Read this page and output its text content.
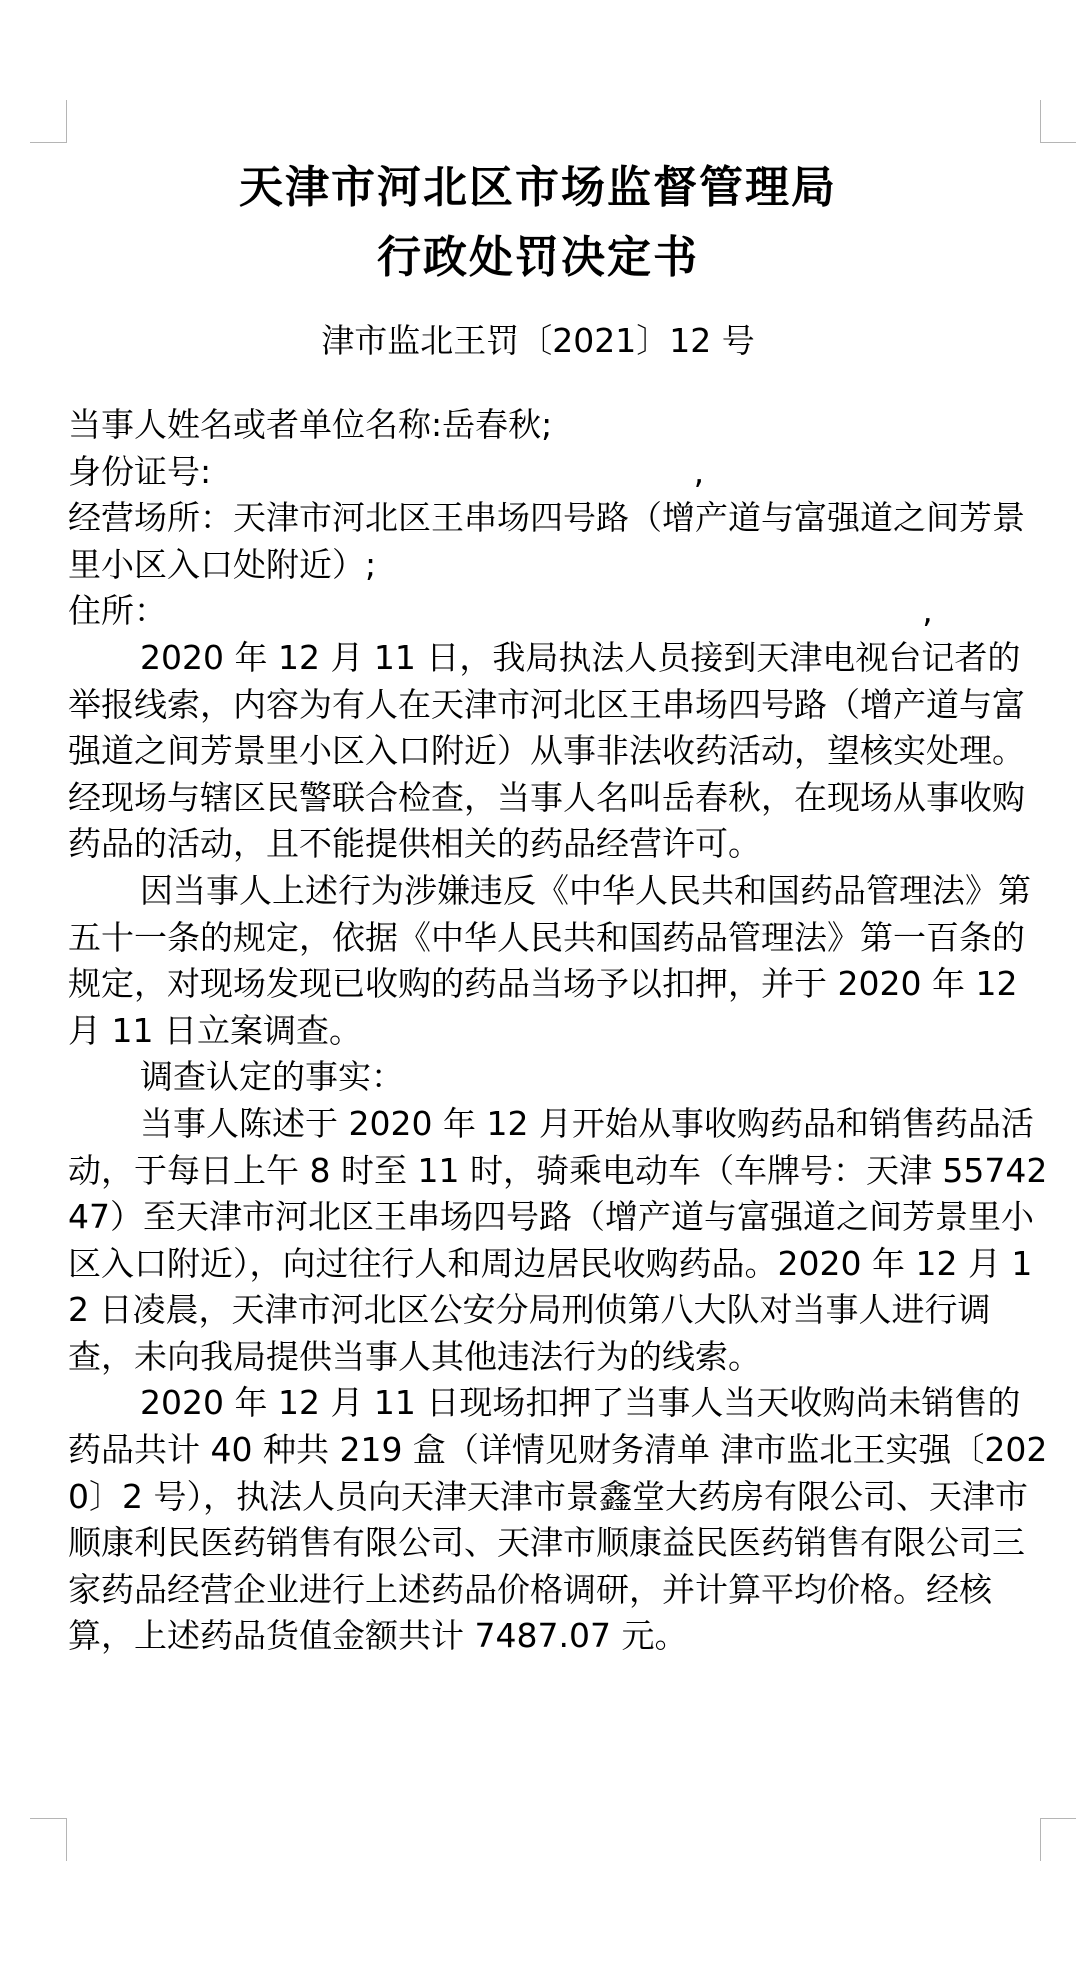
天津市河北区市场监督管理局
行政处罚决定书
津市监北王罚〔2021〕12 号

当事人姓名或者单位名称:岳春秋;

身份证号:                                              ,

经营场所：天津市河北区王串场四号路（增产道与富强道之间芳景里小区入口处附近）;

住所：                                                                        ,

2020 年 12 月 11 日，我局执法人员接到天津电视台记者的举报线索，内容为有人在天津市河北区王串场四号路（增产道与富强道之间芳景里小区入口附近）从事非法收药活动，望核实处理。经现场与辖区民警联合检查，当事人名叫岳春秋，在现场从事收购药品的活动，且不能提供相关的药品经营许可。

因当事人上述行为涉嫌违反《中华人民共和国药品管理法》第五十一条的规定，依据《中华人民共和国药品管理法》第一百条的规定，对现场发现已收购的药品当场予以扣押，并于 2020 年 12 月 11 日立案调查。

调查认定的事实：

当事人陈述于 2020 年 12 月开始从事收购药品和销售药品活动，于每日上午 8 时至 11 时，骑乘电动车（车牌号：天津 5574247）至天津市河北区王串场四号路（增产道与富强道之间芳景里小区入口附近），向过往行人和周边居民收购药品。2020 年 12 月 12 日凌晨，天津市河北区公安分局刑侦第八大队对当事人进行调查，未向我局提供当事人其他违法行为的线索。

2020 年 12 月 11 日现场扣押了当事人当天收购尚未销售的药品共计 40 种共 219 盒（详情见财务清单 津市监北王实强〔2020〕2 号），执法人员向天津天津市景鑫堂大药房有限公司、天津市顺康利民医药销售有限公司、天津市顺康益民医药销售有限公司三家药品经营企业进行上述药品价格调研，并计算平均价格。经核算，上述药品货值金额共计 7487.07 元。
